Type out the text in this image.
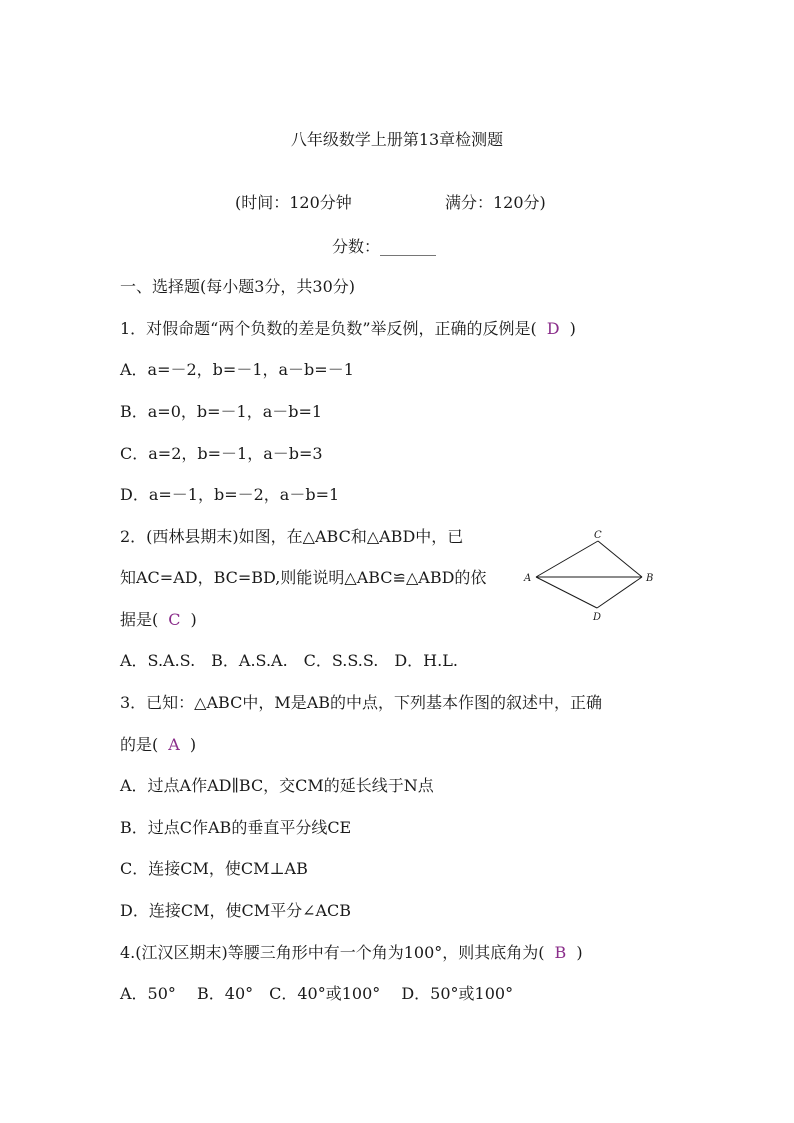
八年级数学上册第13章检测题
(时间：120分钟	满分：120分)
分数：_______
一、选择题(每小题3分，共30分)
1．对假命题“两个负数的差是负数”举反例，正确的反例是( D )
A．a=－2，b=－1，a－b=－1
B．a=0，b=－1，a－b=1
C．a=2，b=－1，a－b=3
D．a=－1，b=－2，a－b=1
2．(西林县期末)如图，在△ABC和△ABD中，已
知AC=AD，BC=BD,则能说明△ABC≌△ABD的依
据是( C )
A．S.A.S.　B．A.S.A.　C．S.S.S.　D．H.L.
A	B
C
D
3．已知：△ABC中，M是AB的中点，下列基本作图的叙述中，正确
的是( A )
A．过点A作AD∥BC，交CM的延长线于N点
B．过点C作AB的垂直平分线CE
C．连接CM，使CM⊥AB
D．连接CM，使CM平分∠ACB
4.(江汉区期末)等腰三角形中有一个角为100°，则其底角为( B )
A．50°　 B．40°　C．40°或100°　 D．50°或100°
